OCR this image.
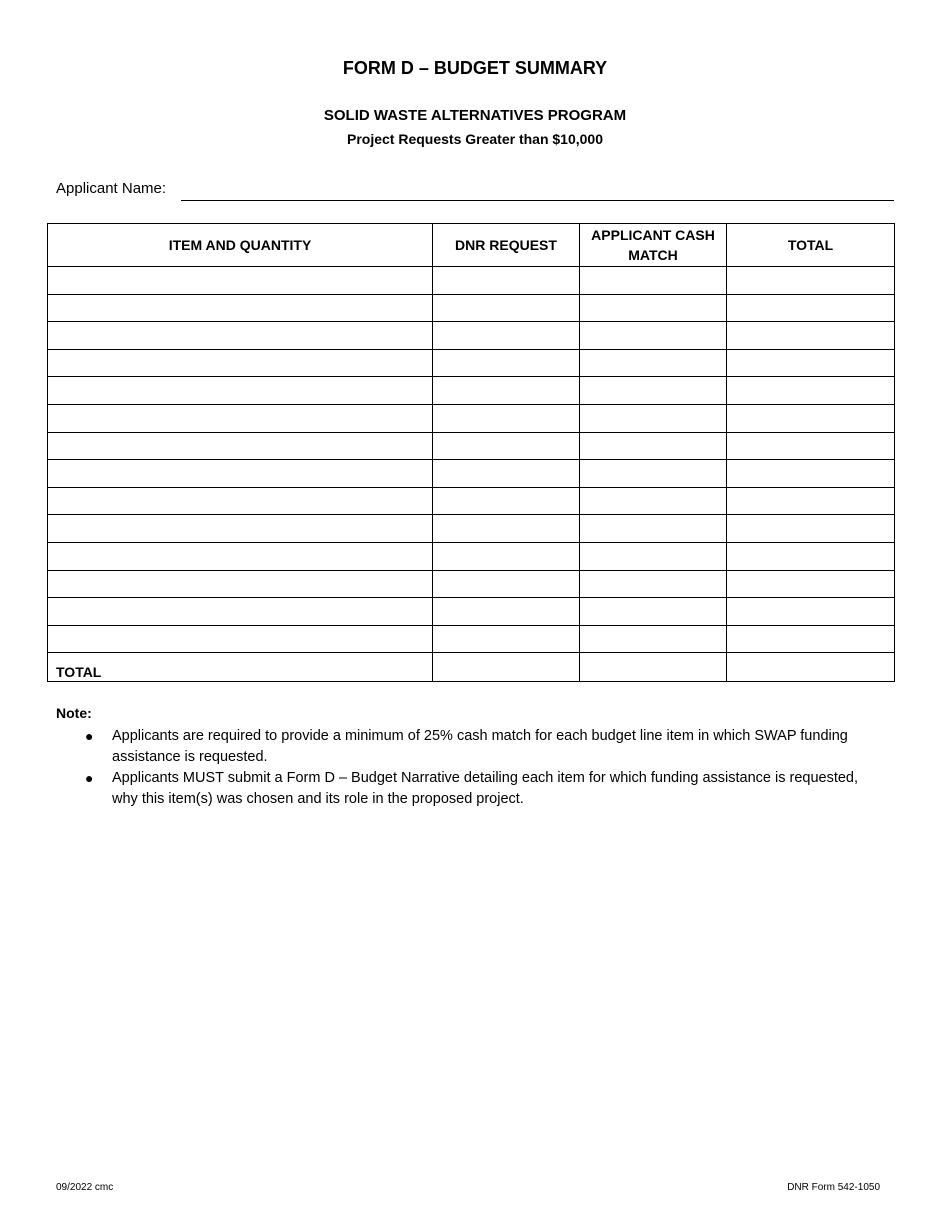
FORM D – BUDGET SUMMARY
SOLID WASTE ALTERNATIVES PROGRAM
Project Requests Greater than $10,000
Applicant Name:
ITEM AND QUANTITY	DNR REQUEST	APPLICANT CASH MATCH	TOTAL

TOTAL			
Note:
● Applicants are required to provide a minimum of 25% cash match for each budget line item in which SWAP funding assistance is requested.
● Applicants MUST submit a Form D – Budget Narrative detailing each item for which funding assistance is requested, why this item(s) was chosen and its role in the proposed project.
09/2022 cmc	DNR Form 542-1050
